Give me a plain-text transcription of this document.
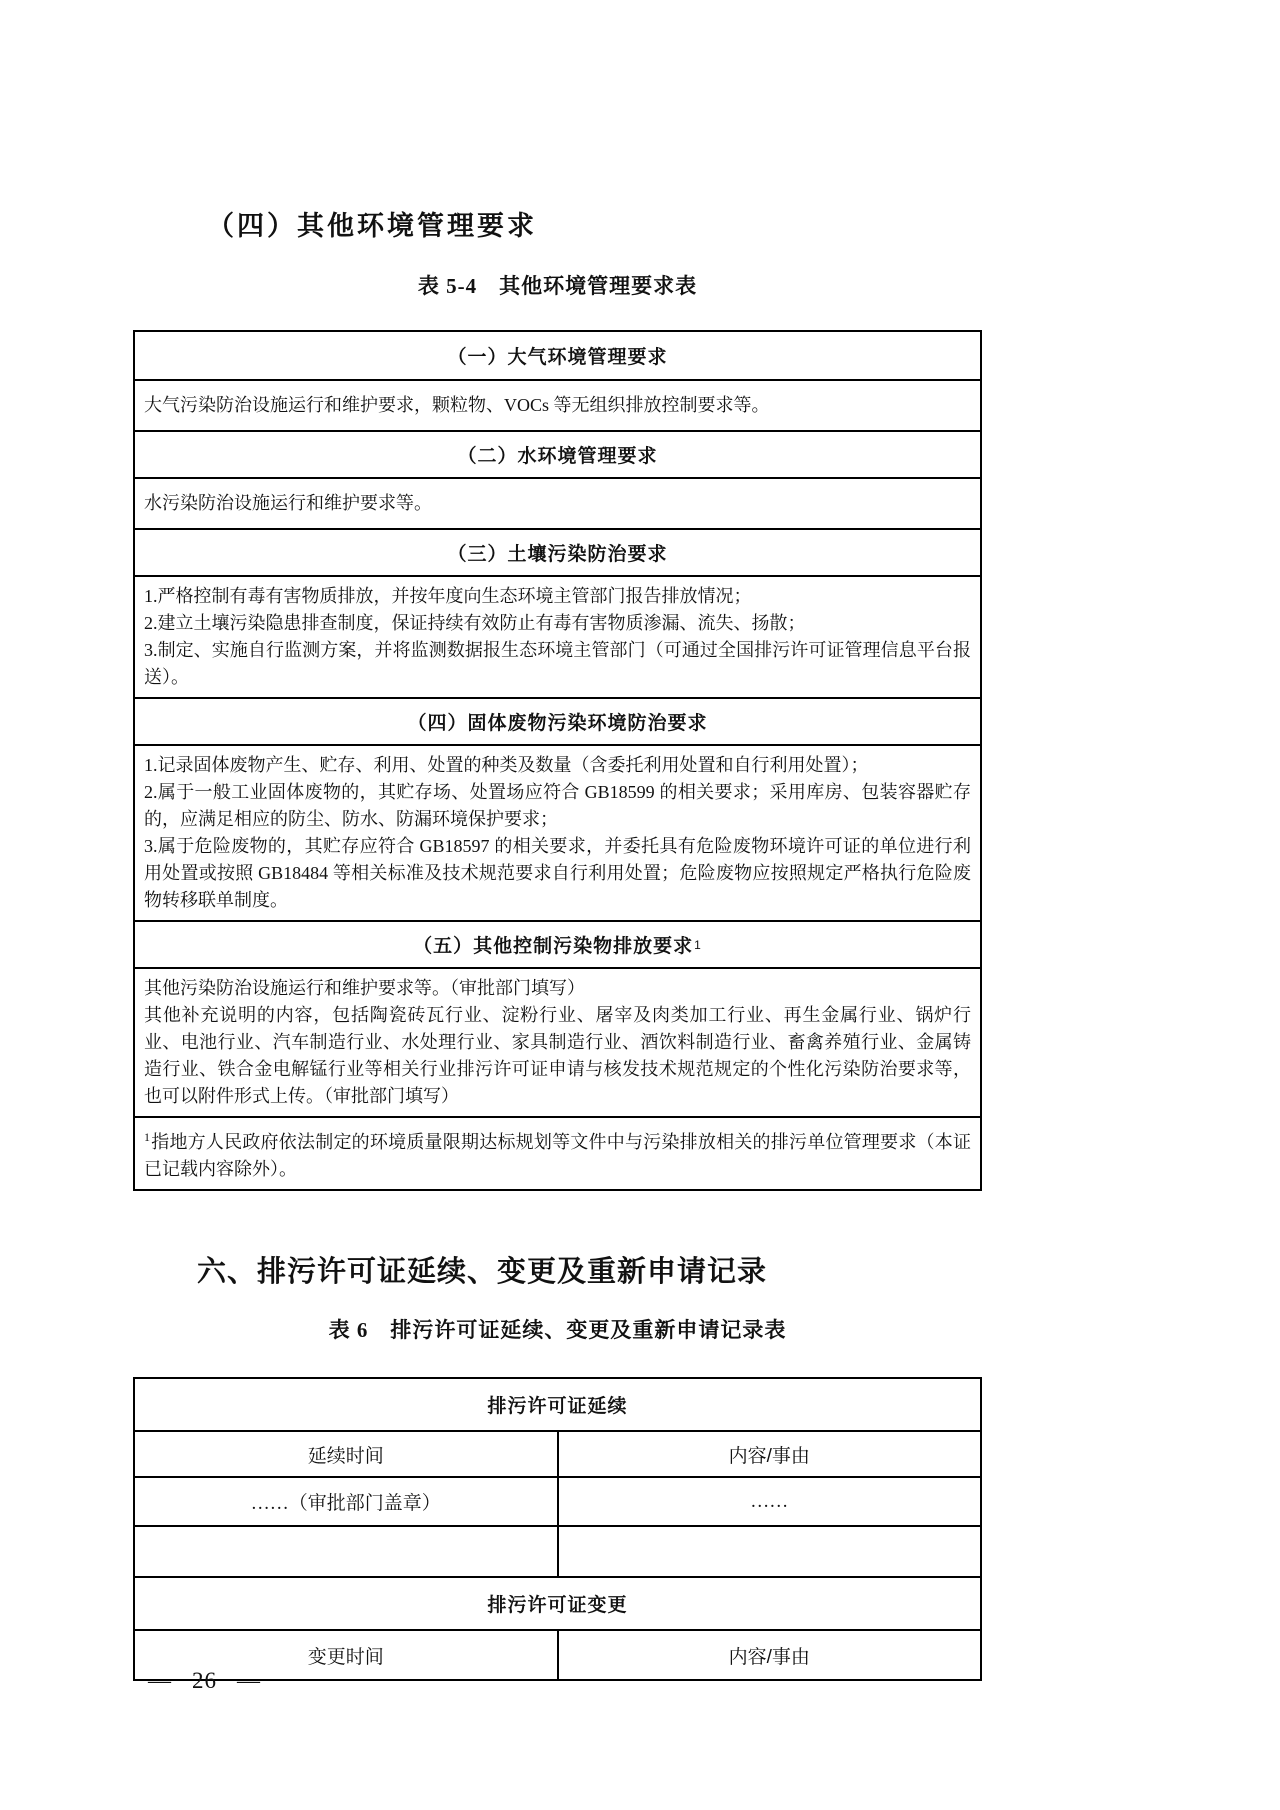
（四）其他环境管理要求
表 5-4　其他环境管理要求表
（一）大气环境管理要求

大气污染防治设施运行和维护要求，颗粒物、VOCs 等无组织排放控制要求等。

（二）水环境管理要求

水污染防治设施运行和维护要求等。

（三）土壤污染防治要求

1.严格控制有毒有害物质排放，并按年度向生态环境主管部门报告排放情况；

2.建立土壤污染隐患排查制度，保证持续有效防止有毒有害物质渗漏、流失、扬散；

3.制定、实施自行监测方案，并将监测数据报生态环境主管部门（可通过全国排污许可证管理信息平台报送）。

（四）固体废物污染环境防治要求

1.记录固体废物产生、贮存、利用、处置的种类及数量（含委托利用处置和自行利用处置）；

2.属于一般工业固体废物的，其贮存场、处置场应符合 GB18599 的相关要求；采用库房、包装容器贮存的，应满足相应的防尘、防水、防漏环境保护要求；

3.属于危险废物的，其贮存应符合 GB18597 的相关要求，并委托具有危险废物环境许可证的单位进行利用处置或按照 GB18484 等相关标准及技术规范要求自行利用处置；危险废物应按照规定严格执行危险废物转移联单制度。

（五）其他控制污染物排放要求 1

其他污染防治设施运行和维护要求等。（审批部门填写）

其他补充说明的内容，包括陶瓷砖瓦行业、淀粉行业、屠宰及肉类加工行业、再生金属行业、锅炉行业、电池行业、汽车制造行业、水处理行业、家具制造行业、酒饮料制造行业、畜禽养殖行业、金属铸造行业、铁合金电解锰行业等相关行业排污许可证申请与核发技术规范规定的个性化污染防治要求等，也可以附件形式上传。（审批部门填写）

$^1$指地方人民政府依法制定的环境质量限期达标规划等文件中与污染排放相关的排污单位管理要求（本证已记载内容除外）。

六、排污许可证延续、变更及重新申请记录
表 6　排污许可证延续、变更及重新申请记录表
排污许可证延续	
延续时间	内容/事由
……（审批部门盖章）	……

排污许可证变更	
变更时间	内容/事由
— 26 —
